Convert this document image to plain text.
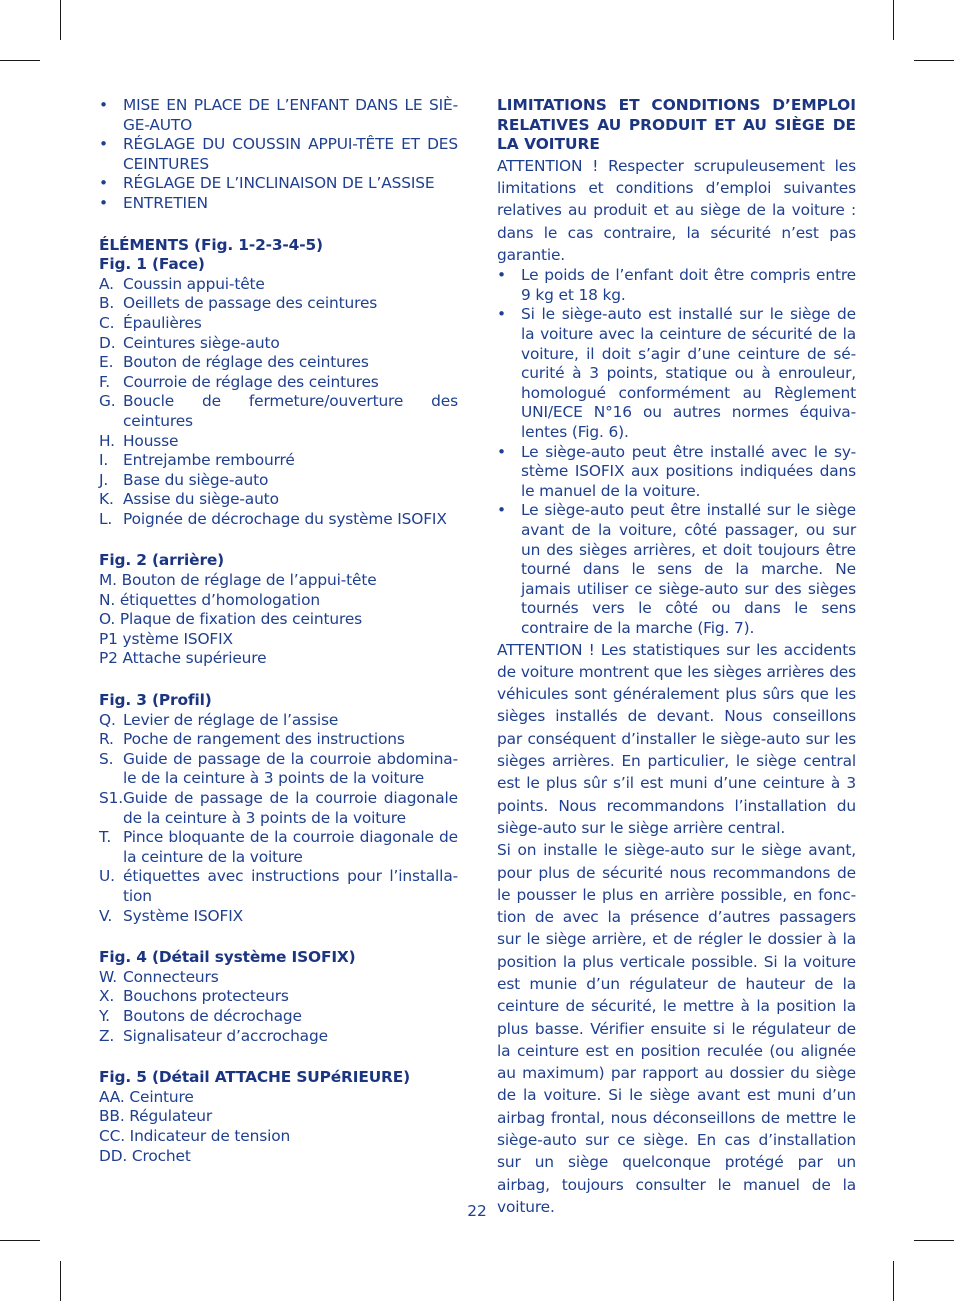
• MISE EN PLACE DE L’ENFANT DANS LE SIÈ- GE-AUTO
• RÉGLAGE DU COUSSIN APPUI-TÊTE ET DES CEINTURES
• RÉGLAGE DE L’INCLINAISON DE L’ASSISE
• ENTRETIEN
ÉLÉMENTS (Fig. 1-2-3-4-5)
Fig. 1 (Face)
A. Coussin appui-tête
B. Oeillets de passage des ceintures
C. Épaulières
D. Ceintures siège-auto
E. Bouton de réglage des ceintures
F. Courroie de réglage des ceintures
G. Boucle de fermeture/ouverture des ceintures
H. Housse
I. Entrejambe rembourré
J. Base du siège-auto
K. Assise du siège-auto
L. Poignée de décrochage du système ISOFIX
Fig. 2 (arrière)
M. Bouton de réglage de l’appui-tête
N. étiquettes d’homologation
O. Plaque de fixation des ceintures
P1 ystème ISOFIX
P2 Attache supérieure
Fig. 3 (Profil)
Q. Levier de réglage de l’assise
R. Poche de rangement des instructions
S. Guide de passage de la courroie abdomina- le de la ceinture à 3 points de la voiture
S1. Guide de passage de la courroie diagonale de la ceinture à 3 points de la voiture
T. Pince bloquante de la courroie diagonale de la ceinture de la voiture
U. étiquettes avec instructions pour l’installa- tion
V. Système ISOFIX
Fig. 4 (Détail système ISOFIX)
W. Connecteurs
X. Bouchons protecteurs
Y. Boutons de décrochage
Z. Signalisateur d’accrochage
Fig. 5 (Détail ATTACHE SUPéRIEURE)
AA. Ceinture
BB. Régulateur
CC. Indicateur de tension
DD. Crochet
LIMITATIONS ET CONDITIONS D’EMPLOI RELATIVES AU PRODUIT ET AU SIÈGE DE LA VOITURE
ATTENTION ! Respecter scrupuleusement les limitations et conditions d’emploi suivantes relatives au produit et au siège de la voiture : dans le cas contraire, la sécurité n’est pas garantie.
• Le poids de l’enfant doit être compris entre 9 kg et 18 kg.
• Si le siège-auto est installé sur le siège de la voiture avec la ceinture de sécurité de la voiture, il doit s’agir d’une ceinture de sé- curité à 3 points, statique ou à enrouleur, homologué conformément au Règlement UNI/ECE N°16 ou autres normes équiva- lentes (Fig. 6).
• Le siège-auto peut être installé avec le sy- stème ISOFIX aux positions indiquées dans le manuel de la voiture.
• Le siège-auto peut être installé sur le siège avant de la voiture, côté passager, ou sur un des sièges arrières, et doit toujours être tourné dans le sens de la marche. Ne jamais utiliser ce siège-auto sur des sièges tournés vers le côté ou dans le sens contraire de la marche (Fig. 7).
ATTENTION ! Les statistiques sur les accidents de voiture montrent que les sièges arrières des véhicules sont généralement plus sûrs que les sièges installés de devant. Nous conseillons par conséquent d’installer le siège-auto sur les sièges arrières. En particulier, le siège central est le plus sûr s’il est muni d’une ceinture à 3 points. Nous recommandons l’installation du siège-auto sur le siège arrière central.
Si on installe le siège-auto sur le siège avant, pour plus de sécurité nous recommandons de le pousser le plus en arrière possible, en fonc- tion de avec la présence d’autres passagers sur le siège arrière, et de régler le dossier à la position la plus verticale possible. Si la voiture est munie d’un régulateur de hauteur de la ceinture de sécurité, le mettre à la position la plus basse. Vérifier ensuite si le régulateur de la ceinture est en position reculée (ou alignée au maximum) par rapport au dossier du siège de la voiture. Si le siège avant est muni d’un airbag frontal, nous déconseillons de mettre le siège-auto sur ce siège. En cas d’installation sur un siège quelconque protégé par un airbag, toujours consulter le manuel de la voiture.
22
